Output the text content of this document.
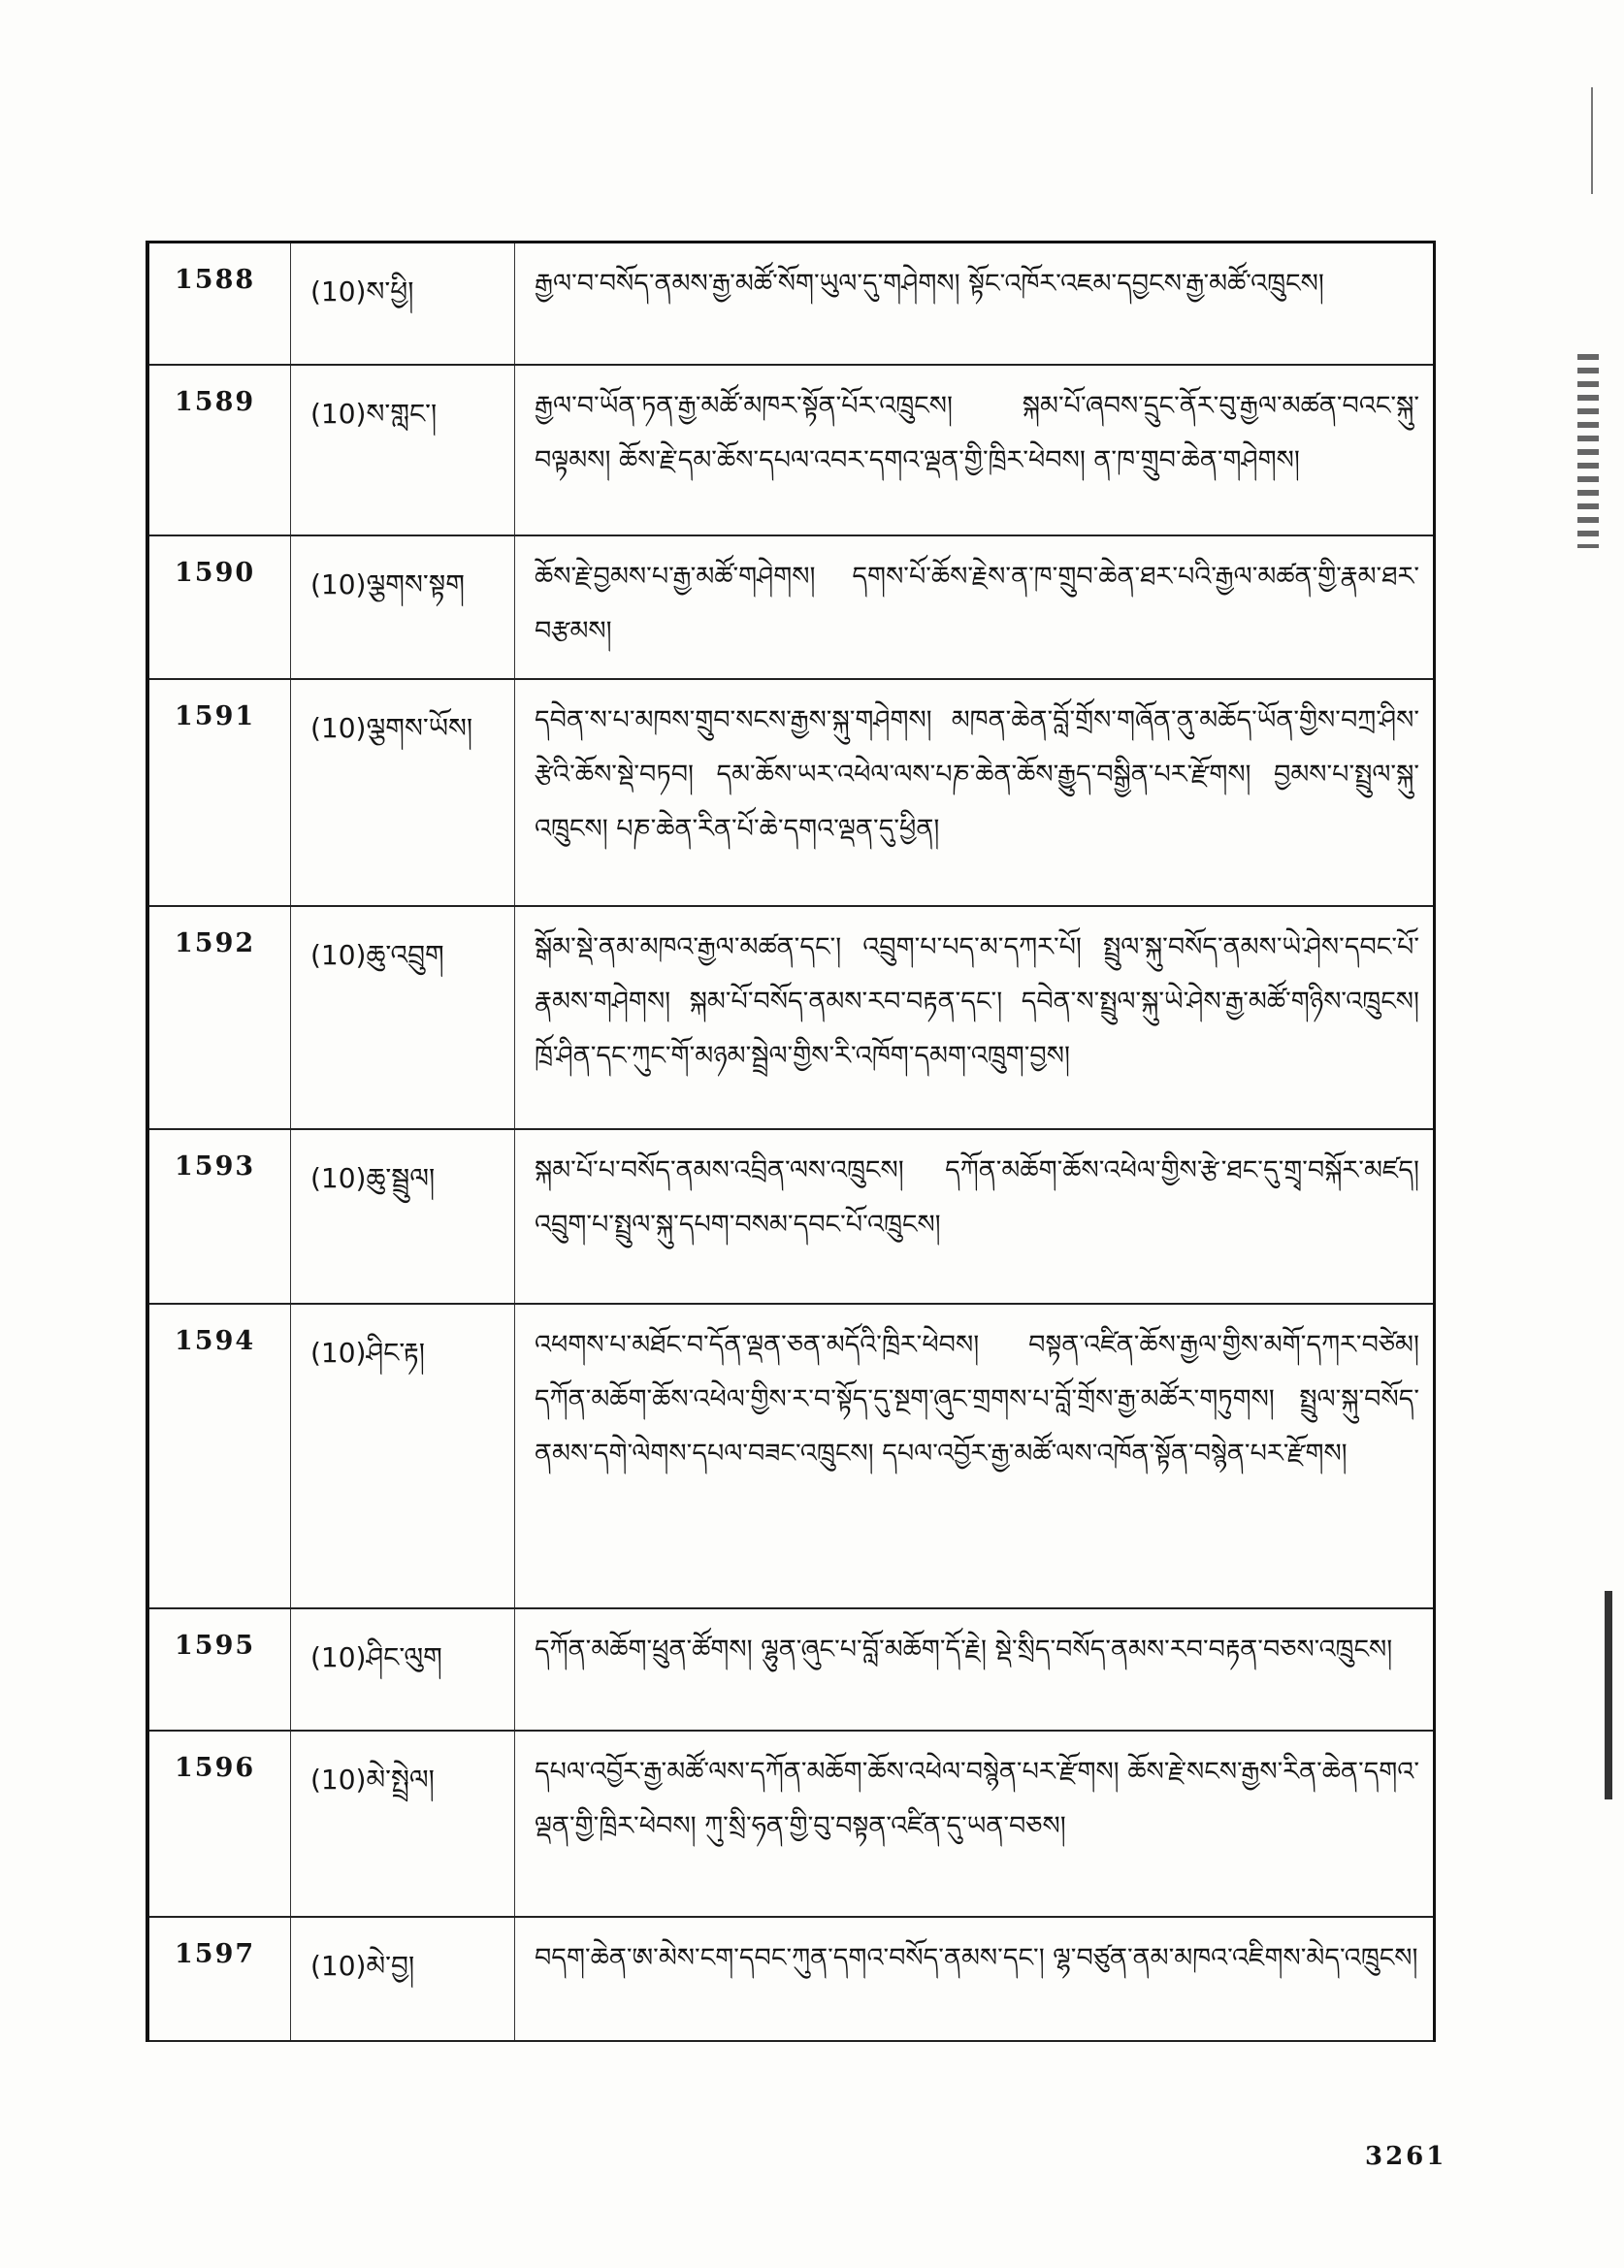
1588	(10)ས་ཕྱི།	རྒྱལ་བ་བསོད་ནམས་རྒྱ་མཚོ་སོག་ཡུལ་དུ་གཤེགས། སྟོང་འཁོར་འཇམ་དབྱངས་རྒྱ་མཚོ་འཁྲུངས།

1589	(10)ས་གླང་།	རྒྱལ་བ་ཡོན་ཏན་རྒྱ་མཚོ་མཁར་སྟོན་པོར་འཁྲུངས། སྐམ་པོ་ཞབས་དྲུང་ནོར་བུ་རྒྱལ་མཚན་བའང་སྐུ་བལྟམས། ཆོས་རྗེ་དམ་ཆོས་དཔལ་འབར་དགའ་ལྡན་གྱི་ཁྲིར་ཕེབས། ན་ཁ་གྲུབ་ཆེན་གཤེགས།

1590	(10)ལྕགས་སྟག	ཆོས་རྗེ་བྱམས་པ་རྒྱ་མཚོ་གཤེགས། དགས་པོ་ཆོས་རྗེས་ན་ཁ་གྲུབ་ཆེན་ཐར་པའི་རྒྱལ་མཚན་གྱི་རྣམ་ཐར་བརྩམས།

1591	(10)ལྕགས་ཡོས།	དབེན་ས་པ་མཁས་གྲུབ་སངས་རྒྱས་སྐུ་གཤེགས། མཁན་ཆེན་བློ་གྲོས་གཞོན་ནུ་མཆོད་ཡོན་གྱིས་བཀྲ་ཤིས་རྩེའི་ཆོས་སྡེ་བཏབ། དམ་ཆོས་ཡར་འཕེལ་ལས་པཎ་ཆེན་ཆོས་རྒྱུད་བསྒྱིན་པར་རྫོགས། བྱམས་པ་སྤྲུལ་སྐུ་འཁྲུངས། པཎ་ཆེན་རིན་པོ་ཆེ་དགའ་ལྡན་དུ་ཕྱིན།

1592	(10)ཆུ་འབྲུག	སྒོམ་སྡེ་ནམ་མཁའ་རྒྱལ་མཚན་དང་། འབྲུག་པ་པད་མ་དཀར་པོ། སྤྲུལ་སྐུ་བསོད་ནམས་ཡེ་ཤེས་དབང་པོ་རྣམས་གཤེགས། སྐམ་པོ་བསོད་ནམས་རབ་བརྟན་དང་། དབེན་ས་སྤྲུལ་སྐུ་ཡེ་ཤེས་རྒྱ་མཚོ་གཉིས་འཁྲུངས། ཁྲོ་ཤིན་དང་ཀུང་གོ་མཉམ་སྦྲེལ་གྱིས་རི་འཁོག་དམག་འཁྲུག་བྱས།

1593	(10)ཆུ་སྦྲུལ།	སྐམ་པོ་པ་བསོད་ནམས་འབྲིན་ལས་འཁྲུངས། དཀོན་མཆོག་ཆོས་འཕེལ་གྱིས་རྩེ་ཐང་དུ་གྲྭ་བསྐོར་མཛད། འབྲུག་པ་སྤྲུལ་སྐུ་དཔག་བསམ་དབང་པོ་འཁྲུངས།

1594	(10)ཤིང་རྟ།	འཕགས་པ་མཐོང་བ་དོན་ལྡན་ཅན་མདོའི་ཁྲིར་ཕེབས། བསྟན་འཛིན་ཆོས་རྒྱལ་གྱིས་མགོ་དཀར་བཙེམ། དཀོན་མཆོག་ཆོས་འཕེལ་གྱིས་ར་བ་སྟོད་དུ་སྔག་ཞུང་གྲགས་པ་བློ་གྲོས་རྒྱ་མཚོར་གཏུགས། སྤྲུལ་སྐུ་བསོད་ནམས་དགེ་ལེགས་དཔལ་བཟང་འཁྲུངས། དཔལ་འབྱོར་རྒྱ་མཚོ་ལས་འཁོན་སྟོན་བསྙེན་པར་རྫོགས།

1595	(10)ཤིང་ལུག	དཀོན་མཆོག་ཕྲུན་ཚོགས། ལྷུན་ཞུང་པ་བློ་མཆོག་དོ་རྗེ། སྡེ་སྲིད་བསོད་ནམས་རབ་བརྟན་བཅས་འཁྲུངས།

1596	(10)མེ་སྤྲེལ།	དཔལ་འབྱོར་རྒྱ་མཚོ་ལས་དཀོན་མཆོག་ཆོས་འཕེལ་བསྙེན་པར་རྫོགས། ཆོས་རྗེ་སངས་རྒྱས་རིན་ཆེན་དགའ་ལྡན་གྱི་ཁྲིར་ཕེབས། ཀུ་སྲི་ཧན་གྱི་བུ་བསྟན་འཛིན་དུ་ཡན་བཅས།

1597	(10)མེ་བྱ།	བདག་ཆེན་ཨ་མེས་ངག་དབང་ཀུན་དགའ་བསོད་ནམས་དང་། ལྷ་བཙུན་ནམ་མཁའ་འཇིགས་མེད་འཁྲུངས།
3261
